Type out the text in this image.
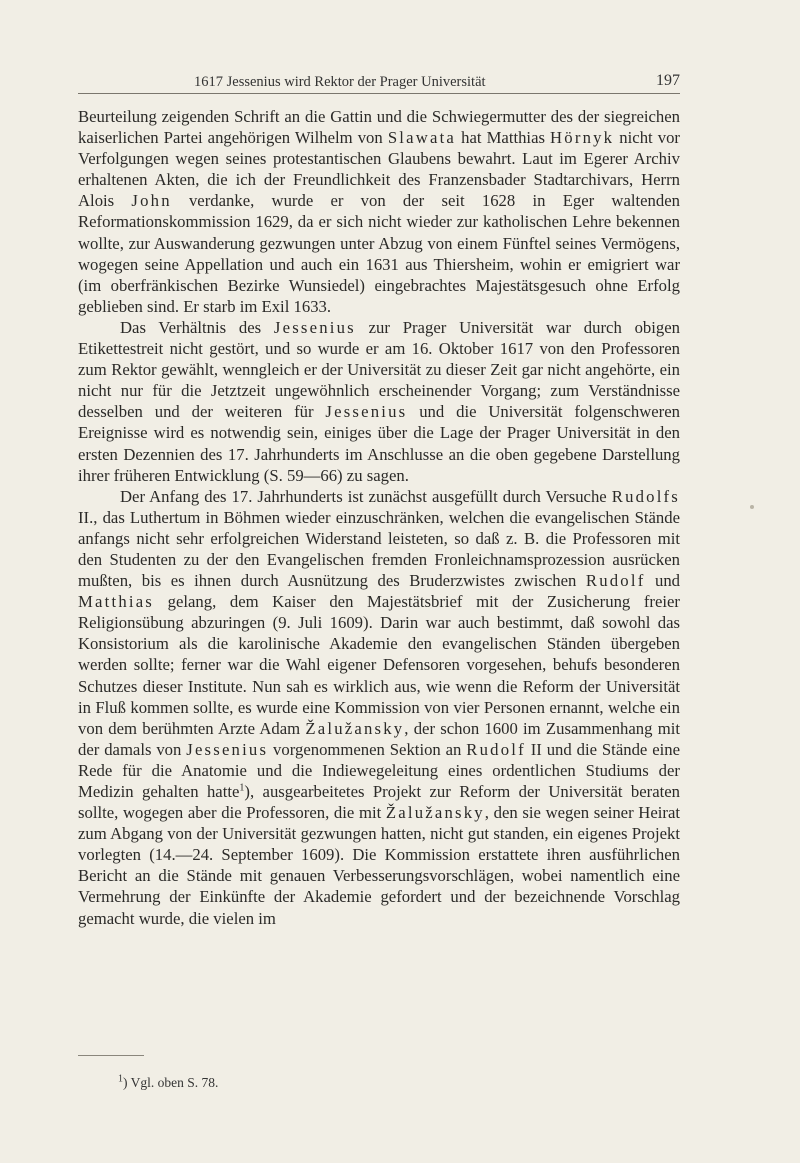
1617 Jessenius wird Rektor der Prager Universität	197

Beurteilung zeigenden Schrift an die Gattin und die Schwiegermutter des der siegreichen kaiserlichen Partei angehörigen Wilhelm von Slawata hat Matthias Hörnyk nicht vor Verfolgungen wegen seines protestantischen Glaubens bewahrt. Laut im Egerer Archiv erhaltenen Akten, die ich der Freundlichkeit des Franzensbader Stadtarchivars, Herrn Alois John verdanke, wurde er von der seit 1628 in Eger waltenden Reformationskommission 1629, da er sich nicht wieder zur katholischen Lehre bekennen wollte, zur Auswanderung gezwungen unter Abzug von einem Fünftel seines Vermögens, wogegen seine Appellation und auch ein 1631 aus Thiersheim, wohin er emigriert war (im oberfränkischen Bezirke Wunsiedel) eingebrachtes Majestätsgesuch ohne Erfolg geblieben sind. Er starb im Exil 1633.

Das Verhältnis des Jessenius zur Prager Universität war durch obigen Etikettestreit nicht gestört, und so wurde er am 16. Oktober 1617 von den Professoren zum Rektor gewählt, wenngleich er der Universität zu dieser Zeit gar nicht angehörte, ein nicht nur für die Jetztzeit ungewöhnlich erscheinender Vorgang; zum Verständnisse desselben und der weiteren für Jessenius und die Universität folgenschweren Ereignisse wird es notwendig sein, einiges über die Lage der Prager Universität in den ersten Dezennien des 17. Jahrhunderts im Anschlusse an die oben gegebene Darstellung ihrer früheren Entwicklung (S. 59—66) zu sagen.

Der Anfang des 17. Jahrhunderts ist zunächst ausgefüllt durch Versuche Rudolfs II., das Luthertum in Böhmen wieder einzuschränken, welchen die evangelischen Stände anfangs nicht sehr erfolgreichen Widerstand leisteten, so daß z. B. die Professoren mit den Studenten zu der den Evangelischen fremden Fronleichnamsprozession ausrücken mußten, bis es ihnen durch Ausnützung des Bruderzwistes zwischen Rudolf und Matthias gelang, dem Kaiser den Majestätsbrief mit der Zusicherung freier Religionsübung abzuringen (9. Juli 1609). Darin war auch bestimmt, daß sowohl das Konsistorium als die karolinische Akademie den evangelischen Ständen übergeben werden sollte; ferner war die Wahl eigener Defensoren vorgesehen, behufs besonderen Schutzes dieser Institute. Nun sah es wirklich aus, wie wenn die Reform der Universität in Fluß kommen sollte, es wurde eine Kommission von vier Personen ernannt, welche ein von dem berühmten Arzte Adam Žalužansky, der schon 1600 im Zusammenhang mit der damals von Jessenius vorgenommenen Sektion an Rudolf II und die Stände eine Rede für die Anatomie und die Indiewegeleitung eines ordentlichen Studiums der Medizin gehalten hatte$^1$), ausgearbeitetes Projekt zur Reform der Universität beraten sollte, wogegen aber die Professoren, die mit Žalužansky, den sie wegen seiner Heirat zum Abgang von der Universität gezwungen hatten, nicht gut standen, ein eigenes Projekt vorlegten (14.—24. September 1609). Die Kommission erstattete ihren ausführlichen Bericht an die Stände mit genauen Verbesserungsvorschlägen, wobei namentlich eine Vermehrung der Einkünfte der Akademie gefordert und der bezeichnende Vorschlag gemacht wurde, die vielen im

$^1$) Vgl. oben S. 78.
